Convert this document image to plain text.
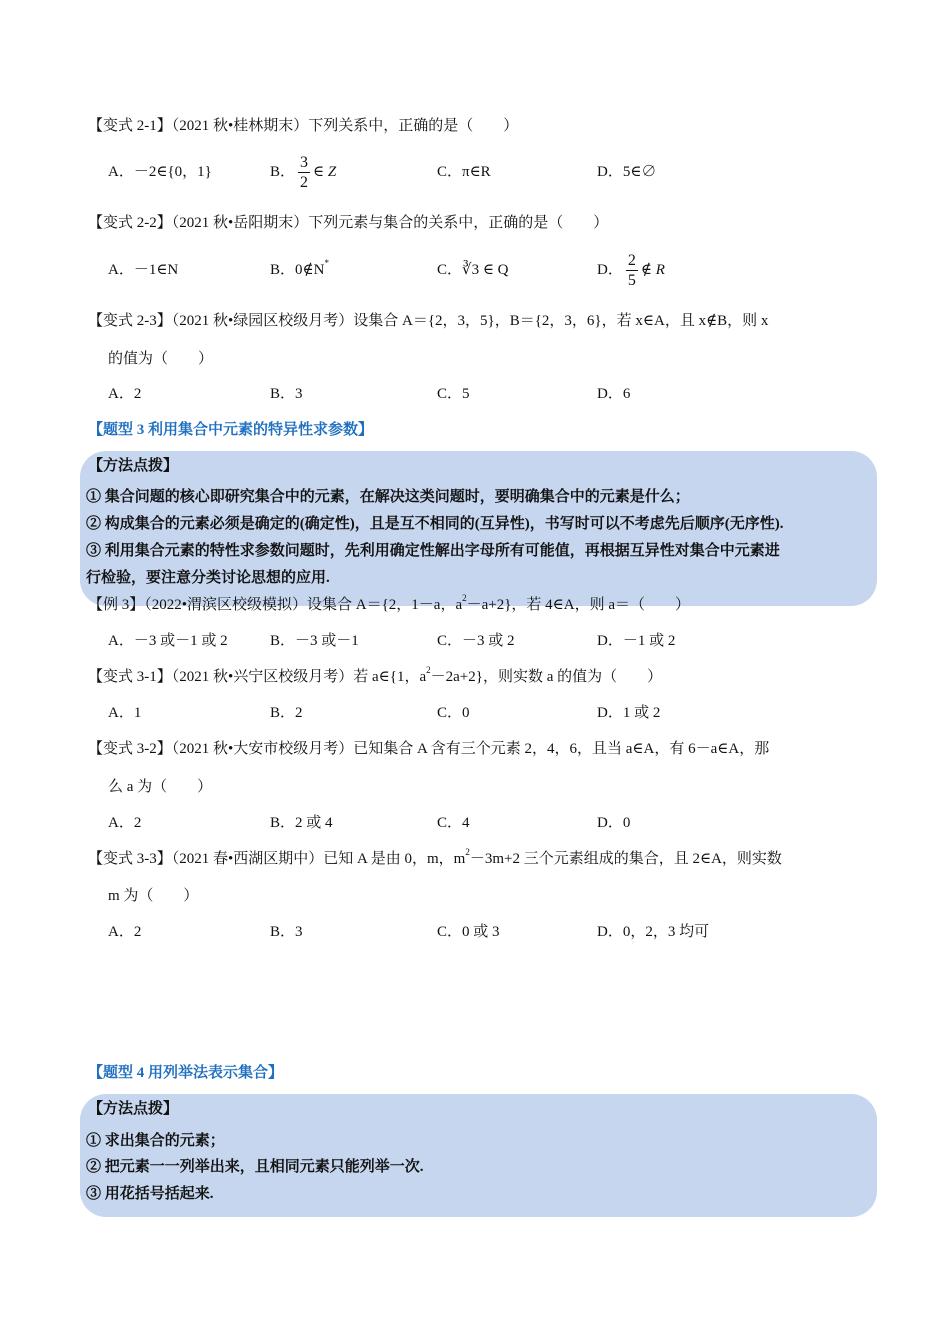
【变式 2-1】（2021 秋•桂林期末）下列关系中，正确的是（　　）
A．－2∈{0，1}	B． $\frac{3}{2}$ ∈ Z	C．π∈R	D．5∈∅
【变式 2-2】（2021 秋•岳阳期末）下列元素与集合的关系中，正确的是（　　）
A．－1∈N	B．0∉N*	C．∛3 ∈ Q	D． $\frac{2}{5}$ ∉ R
【变式 2-3】（2021 秋•绿园区校级月考）设集合 A＝{2，3，5}，B＝{2，3，6}，若 x∈A，且 x∉B，则 x
的值为（　　）
A．2	B．3	C．5	D．6
【题型 3 利用集合中元素的特异性求参数】
【方法点拨】
① 集合问题的核心即研究集合中的元素，在解决这类问题时，要明确集合中的元素是什么；
② 构成集合的元素必须是确定的(确定性)，且是互不相同的(互异性)，书写时可以不考虑先后顺序(无序性).
③ 利用集合元素的特性求参数问题时，先利用确定性解出字母所有可能值，再根据互异性对集合中元素进
行检验，要注意分类讨论思想的应用.
【例 3】（2022•渭滨区校级模拟）设集合 A＝{2，1－a，$a^2-a+2$}，若 4∈A，则 a＝（　　）
A．－3 或－1 或 2	B．－3 或－1	C．－3 或 2	D．－1 或 2
【变式 3-1】（2021 秋•兴宁区校级月考）若 a∈{1，$a^2-2a+2$}，则实数 a 的值为（　　）
A．1	B．2	C．0	D．1 或 2
【变式 3-2】（2021 秋•大安市校级月考）已知集合 A 含有三个元素 2，4，6，且当 a∈A，有 6－a∈A，那
么 a 为（　　）
A．2	B．2 或 4	C．4	D．0
【变式 3-3】（2021 春•西湖区期中）已知 A 是由 0，m，$m^2-3m+2$ 三个元素组成的集合，且 2∈A，则实数
m 为（　　）
A．2	B．3	C．0 或 3	D．0，2，3 均可
【题型 4 用列举法表示集合】
【方法点拨】
① 求出集合的元素；
② 把元素一一列举出来，且相同元素只能列举一次.
③ 用花括号括起来.
